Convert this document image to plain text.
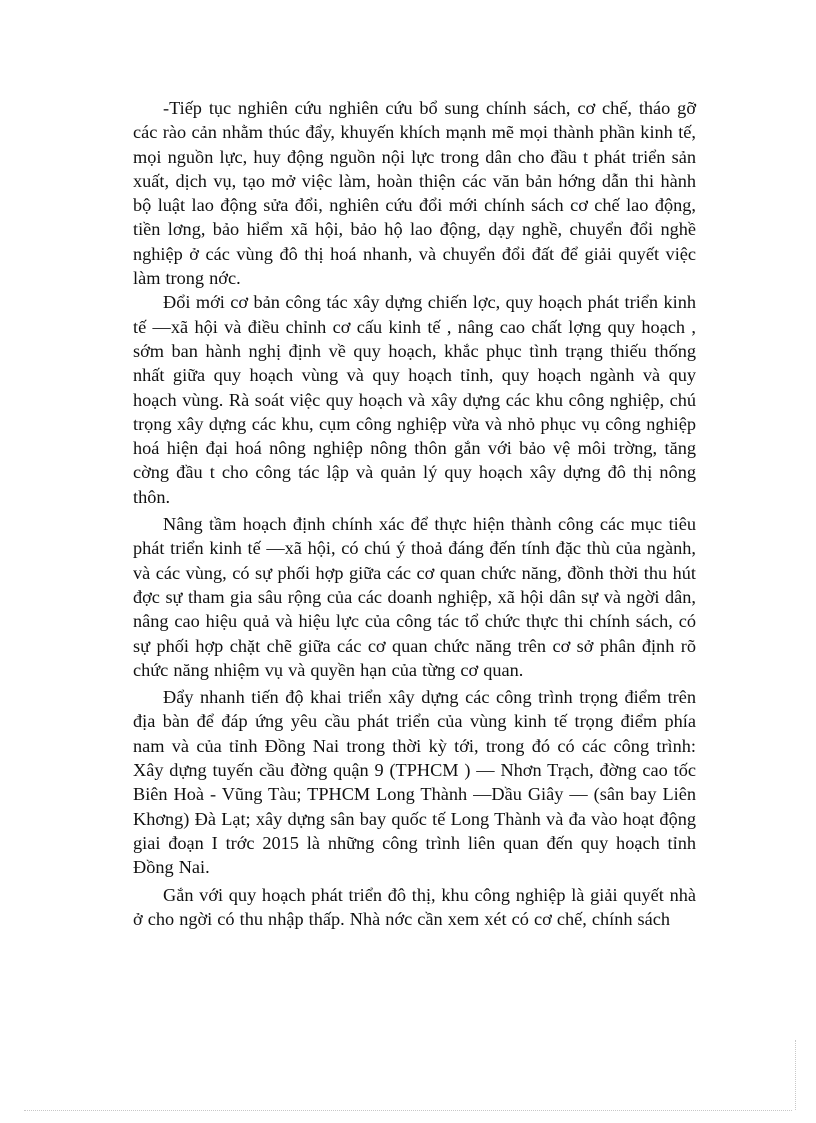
-Tiếp tục nghiên cứu nghiên cứu bổ sung chính sách, cơ chế, tháo gỡ các rào cản nhằm thúc đẩy, khuyến khích mạnh mẽ mọi thành phần kinh tế, mọi nguồn lực, huy động nguồn nội lực trong dân cho đầu t phát triển sản xuất, dịch vụ, tạo mở việc làm, hoàn thiện các văn bản hớng dẫn thi hành bộ luật lao động sửa đổi, nghiên cứu đổi mới chính sách cơ chế lao động, tiền lơng, bảo hiểm xã hội, bảo hộ lao động, dạy nghề, chuyển đổi nghề nghiệp ở các vùng đô thị hoá nhanh, và chuyển đổi đất để giải quyết việc làm trong nớc.

Đổi mới cơ bản công tác xây dựng chiến lợc, quy hoạch phát triển kinh tế —xã hội và điều chỉnh cơ cấu kinh tế , nâng cao chất lợng quy hoạch , sớm ban hành nghị định về quy hoạch, khắc phục tình trạng thiếu thống nhất giữa quy hoạch vùng và quy hoạch tỉnh, quy hoạch ngành và quy hoạch vùng. Rà soát việc quy hoạch và xây dựng các khu công nghiệp, chú trọng xây dựng các khu, cụm công nghiệp vừa và nhỏ phục vụ công nghiệp hoá hiện đại hoá nông nghiệp nông thôn gắn với bảo vệ môi trờng, tăng cờng đầu t cho công tác lập và quản lý quy hoạch xây dựng đô thị nông thôn.

Nâng tầm hoạch định chính xác để thực hiện thành công các mục tiêu phát triển kinh tế —xã hội, có chú ý thoả đáng đến tính đặc thù của ngành, và các vùng, có sự phối hợp giữa các cơ quan chức năng, đồnh thời thu hút đợc sự tham gia sâu rộng của các doanh nghiệp, xã hội dân sự và ngời dân, nâng cao hiệu quả và hiệu lực của công tác tổ chức thực thi chính sách, có sự phối hợp chặt chẽ giữa các cơ quan chức năng trên cơ sở phân định rõ chức năng nhiệm vụ và quyền hạn của từng cơ quan.

Đẩy nhanh tiến độ khai triển xây dựng các công trình trọng điểm trên địa bàn để đáp ứng yêu cầu phát triển của vùng kinh tế trọng điểm phía nam và của tỉnh Đồng Nai trong thời kỳ tới, trong đó có các công trình: Xây dựng tuyến cầu đờng quận 9 (TPHCM ) — Nhơn Trạch, đờng cao tốc Biên Hoà - Vũng Tàu; TPHCM Long Thành —Dầu Giây — (sân bay Liên Khơng) Đà Lạt; xây dựng sân bay quốc tế Long Thành và đa vào hoạt động giai đoạn I trớc 2015 là những công trình liên quan đến quy hoạch tỉnh Đồng Nai.

Gắn với quy hoạch phát triển đô thị, khu công nghiệp là giải quyết nhà ở cho ngời có thu nhập thấp. Nhà nớc cần xem xét có cơ chế, chính sách
